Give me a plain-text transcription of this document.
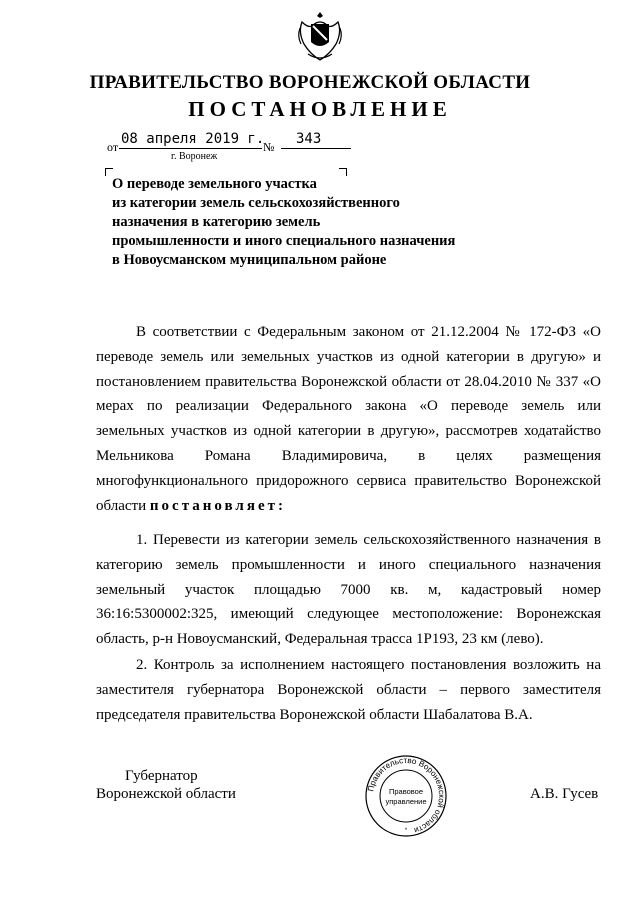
ПРАВИТЕЛЬСТВО ВОРОНЕЖСКОЙ ОБЛАСТИ
ПОСТАНОВЛЕНИЕ
от 08 апреля 2019 г.
№ 343
г. Воронеж
О переводе земельного участка
из категории земель сельскохозяйственного
назначения в категорию земель
промышленности и иного специального назначения
в Новоусманском муниципальном районе
В соответствии с Федеральным законом от 21.12.2004 № 172-ФЗ «О
переводе земель или земельных участков из одной категории в другую» и
постановлением правительства Воронежской области от 28.04.2010 № 337 «О
мерах по реализации Федерального закона «О переводе земель или
земельных участков из одной категории в другую», рассмотрев ходатайство
Мельникова Романа Владимировича, в целях размещения
многофункционального придорожного сервиса правительство Воронежской
области постановляет:
1. Перевести из категории земель сельскохозяйственного назначения в
категорию земель промышленности и иного специального назначения
земельный участок площадью 7000 кв. м, кадастровый номер
36:16:5300002:325, имеющий следующее местоположение: Воронежская
область, р-н Новоусманский, Федеральная трасса 1Р193, 23 км (лево).
2. Контроль за исполнением настоящего постановления возложить на
заместителя губернатора Воронежской области – первого заместителя
председателя правительства Воронежской области Шабалатова В.А.
Губернатор
Воронежской области	А.В. Гусев
Правительство Воронежской области
Правовое
управление
*
